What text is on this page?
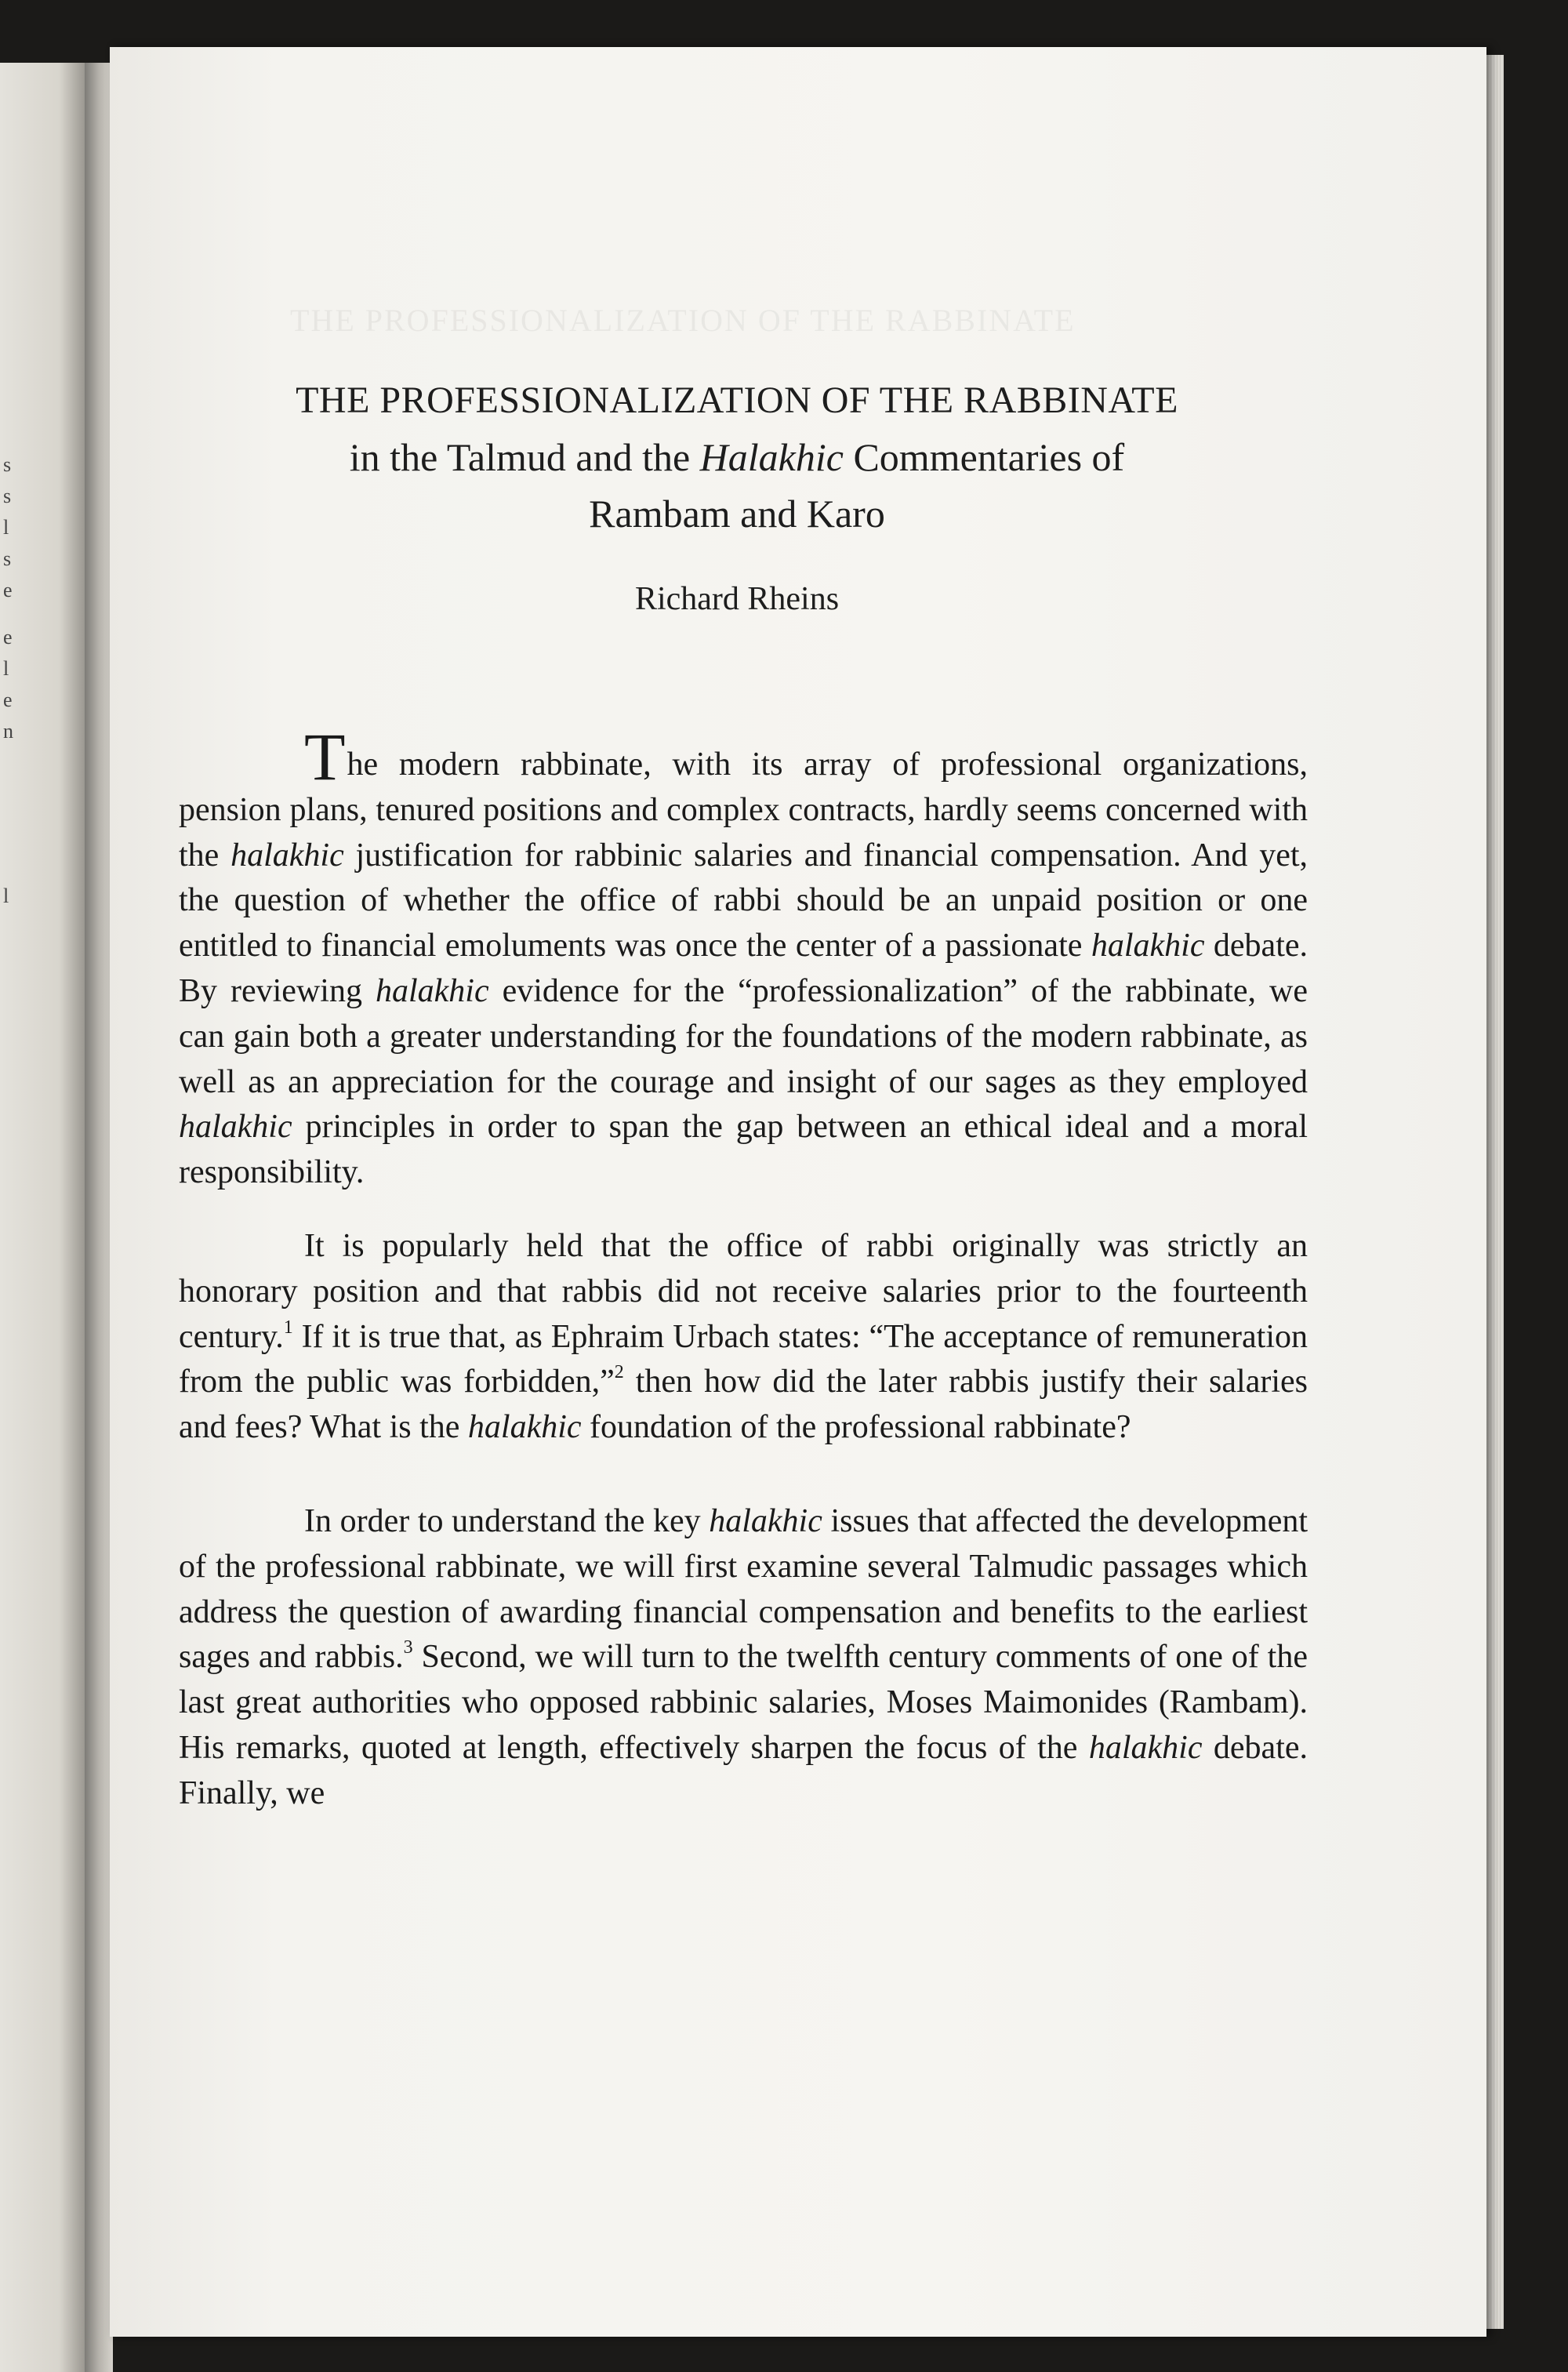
s
s
l
s
e
e
l
e
n
l
THE PROFESSIONALIZATION OF THE RABBINATE
THE PROFESSIONALIZATION OF THE RABBINATE
in the Talmud and the Halakhic Commentaries of
Rambam and Karo
Richard Rheins

The modern rabbinate, with its array of professional organizations, pension plans, tenured positions and complex contracts, hardly seems concerned with the halakhic justification for rabbinic salaries and financial compensation. And yet, the question of whether the office of rabbi should be an unpaid position or one entitled to financial emoluments was once the center of a passionate halakhic debate. By reviewing halakhic evidence for the “professionalization” of the rabbinate, we can gain both a greater understanding for the foundations of the modern rabbinate, as well as an appreciation for the courage and insight of our sages as they employed halakhic principles in order to span the gap between an ethical ideal and a moral responsibility.

It is popularly held that the office of rabbi originally was strictly an honorary position and that rabbis did not receive salaries prior to the fourteenth century.$^1$ If it is true that, as Ephraim Urbach states: “The acceptance of remuneration from the public was forbidden,”$^2$ then how did the later rabbis justify their salaries and fees? What is the halakhic foundation of the professional rabbinate?

In order to understand the key halakhic issues that affected the development of the professional rabbinate, we will first examine several Talmudic passages which address the question of awarding financial compensation and benefits to the earliest sages and rabbis.$^3$ Second, we will turn to the twelfth century comments of one of the last great authorities who opposed rabbinic salaries, Moses Maimonides (Rambam). His remarks, quoted at length, effectively sharpen the focus of the halakhic debate. Finally, we
